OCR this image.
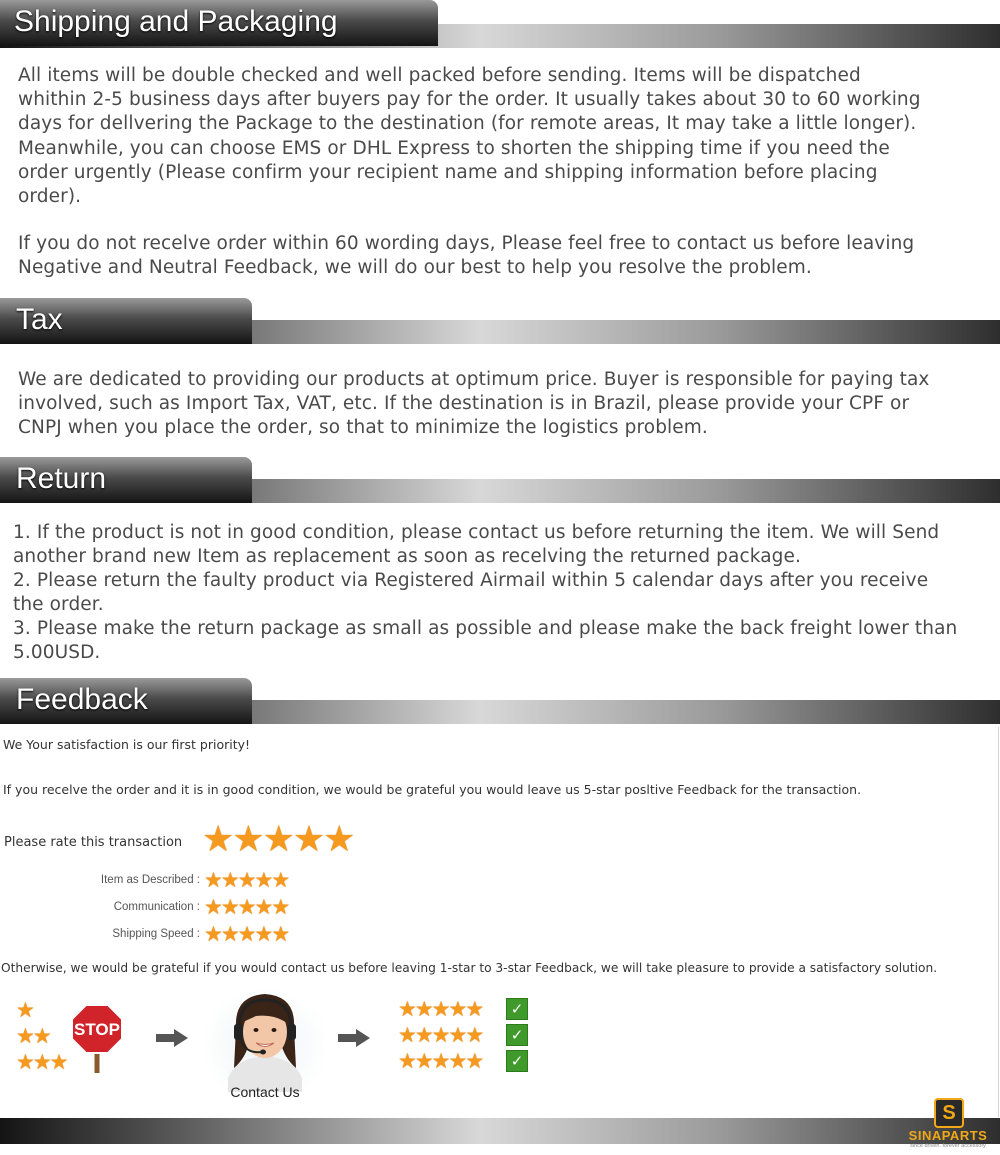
Shipping and Packaging

All items will be double checked and well packed before sending. Items will be dispatched whithin 2-5 business days after buyers pay for the order. It usually takes about 30 to 60 working days for dellvering the Package to the destination (for remote areas, It may take a little longer). Meanwhile, you can choose EMS or DHL Express to shorten the shipping time if you need the order urgently (Please confirm your recipient name and shipping information before placing order).

If you do not recelve order within 60 wording days, Please feel free to contact us before leaving Negative and Neutral Feedback, we will do our best to help you resolve the problem.

Tax

We are dedicated to providing our products at optimum price. Buyer is responsible for paying tax involved, such as Import Tax, VAT, etc. If the destination is in Brazil, please provide your CPF or CNPJ when you place the order, so that to minimize the logistics problem.

Return

1. If the product is not in good condition, please contact us before returning the item. We will Send another brand new Item as replacement as soon as recelving the returned package.

2. Please return the faulty product via Registered Airmail within 5 calendar days after you receive the order.

3. Please make the return package as small as possible and please make the back freight lower than 5.00USD.

Feedback

We Your satisfaction is our first priority!

If you recelve the order and it is in good condition, we would be grateful you would leave us 5-star posltive Feedback for the transaction.

Please rate this transaction ★★★★★
Item as Described : ★★★★★
Communication : ★★★★★
Shipping Speed : ★★★★★

Otherwise, we would be grateful if you would contact us before leaving 1-star to 3-star Feedback, we will take pleasure to provide a satisfactory solution.

★
★★
★★★
STOP
Contact Us
★★★★★
★★★★★
★★★★★
✓
✓
✓
S
SINAPARTS
since driven. forever accessory
